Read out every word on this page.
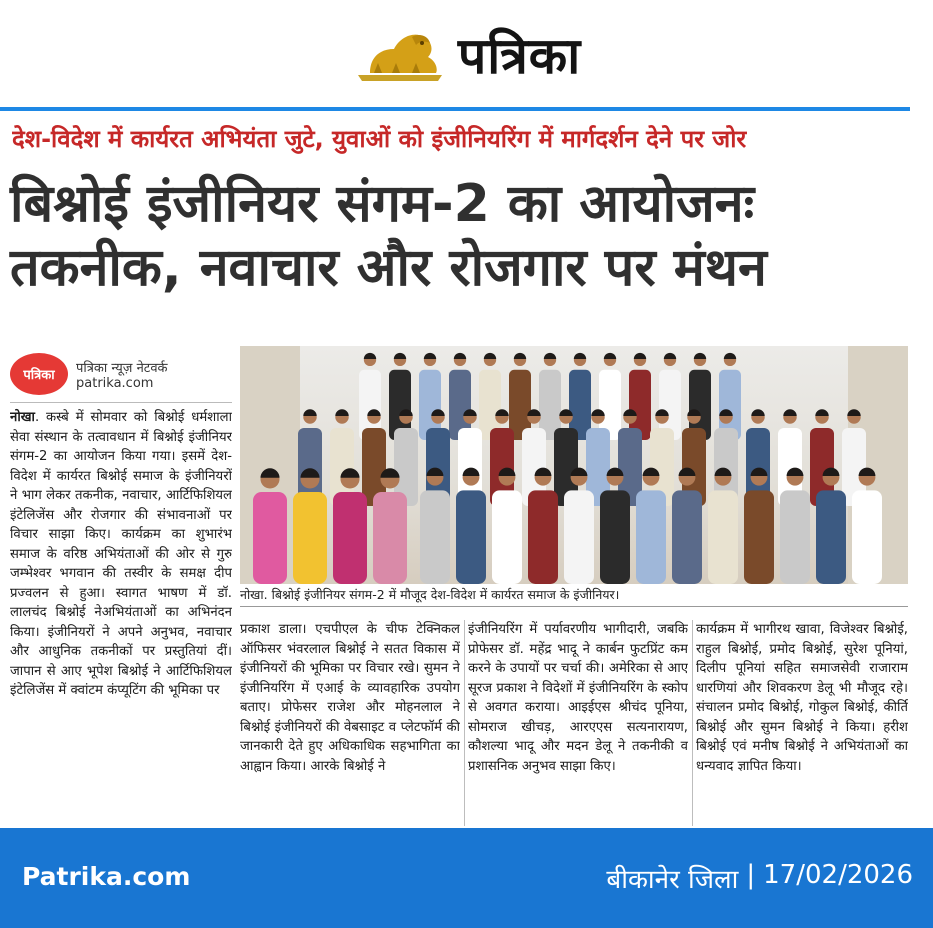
पत्रिका
देश-विदेश में कार्यरत अभियंता जुटे, युवाओं को इंजीनियरिंग में मार्गदर्शन देने पर जोर
बिश्नोई इंजीनियर संगम-2 का आयोजनः तकनीक, नवाचार और रोजगार पर मंथन
पत्रिका	पत्रिका न्यूज़ नेटवर्क
patrika.com
नोखा. कस्बे में सोमवार को बिश्नोई धर्मशाला सेवा संस्थान के तत्वावधान में बिश्नोई इंजीनियर संगम-2 का आयोजन किया गया। इसमें देश-विदेश में कार्यरत बिश्नोई समाज के इंजीनियरों ने भाग लेकर तकनीक, नवाचार, आर्टिफिशियल इंटेलिजेंस और रोजगार की संभावनाओं पर विचार साझा किए। कार्यक्रम का शुभारंभ समाज के वरिष्ठ अभियंताओं की ओर से गुरु जम्भेश्वर भगवान की तस्वीर के समक्ष दीप प्रज्वलन से हुआ। स्वागत भाषण में डॉ. लालचंद बिश्नोई नेअभियंताओं का अभिनंदन किया। इंजीनियरों ने अपने अनुभव, नवाचार और आधुनिक तकनीकों पर प्रस्तुतियां दीं। जापान से आए भूपेश बिश्नोई ने आर्टिफिशियल इंटेलिजेंस में क्वांटम कंप्यूटिंग की भूमिका पर
नोखा. बिश्नोई इंजीनियर संगम-2 में मौजूद देश-विदेश में कार्यरत समाज के इंजीनियर।
प्रकाश डाला। एचपीएल के चीफ टेक्निकल ऑफिसर भंवरलाल बिश्नोई ने सतत विकास में इंजीनियरों की भूमिका पर विचार रखे। सुमन ने इंजीनियरिंग में एआई के व्यावहारिक उपयोग बताए। प्रोफेसर राजेश और मोहनलाल ने बिश्नोई इंजीनियरों की वेबसाइट व प्लेटफॉर्म की जानकारी देते हुए अधिकाधिक सहभागिता का आह्वान किया। आरके बिश्नोई ने
इंजीनियरिंग में पर्यावरणीय भागीदारी, जबकि प्रोफेसर डॉ. महेंद्र भादू ने कार्बन फुटप्रिंट कम करने के उपायों पर चर्चा की। अमेरिका से आए सूरज प्रकाश ने विदेशों में इंजीनियरिंग के स्कोप से अवगत कराया। आइईएस श्रीचंद पूनिया, सोमराज खीचड़, आरएएस सत्यनारायण, कौशल्या भादू और मदन डेलू ने तकनीकी व प्रशासनिक अनुभव साझा किए।
कार्यक्रम में भागीरथ खावा, विजेश्वर बिश्नोई, राहुल बिश्नोई, प्रमोद बिश्नोई, सुरेश पूनियां, दिलीप पूनियां सहित समाजसेवी राजाराम धारणियां और शिवकरण डेलू भी मौजूद रहे। संचालन प्रमोद बिश्नोई, गोकुल बिश्नोई, कीर्ति बिश्नोई और सुमन बिश्नोई ने किया। हरीश बिश्नोई एवं मनीष बिश्नोई ने अभियंताओं का धन्यवाद ज्ञापित किया।
Patrika.com	बीकानेर जिला | 17/02/2026
